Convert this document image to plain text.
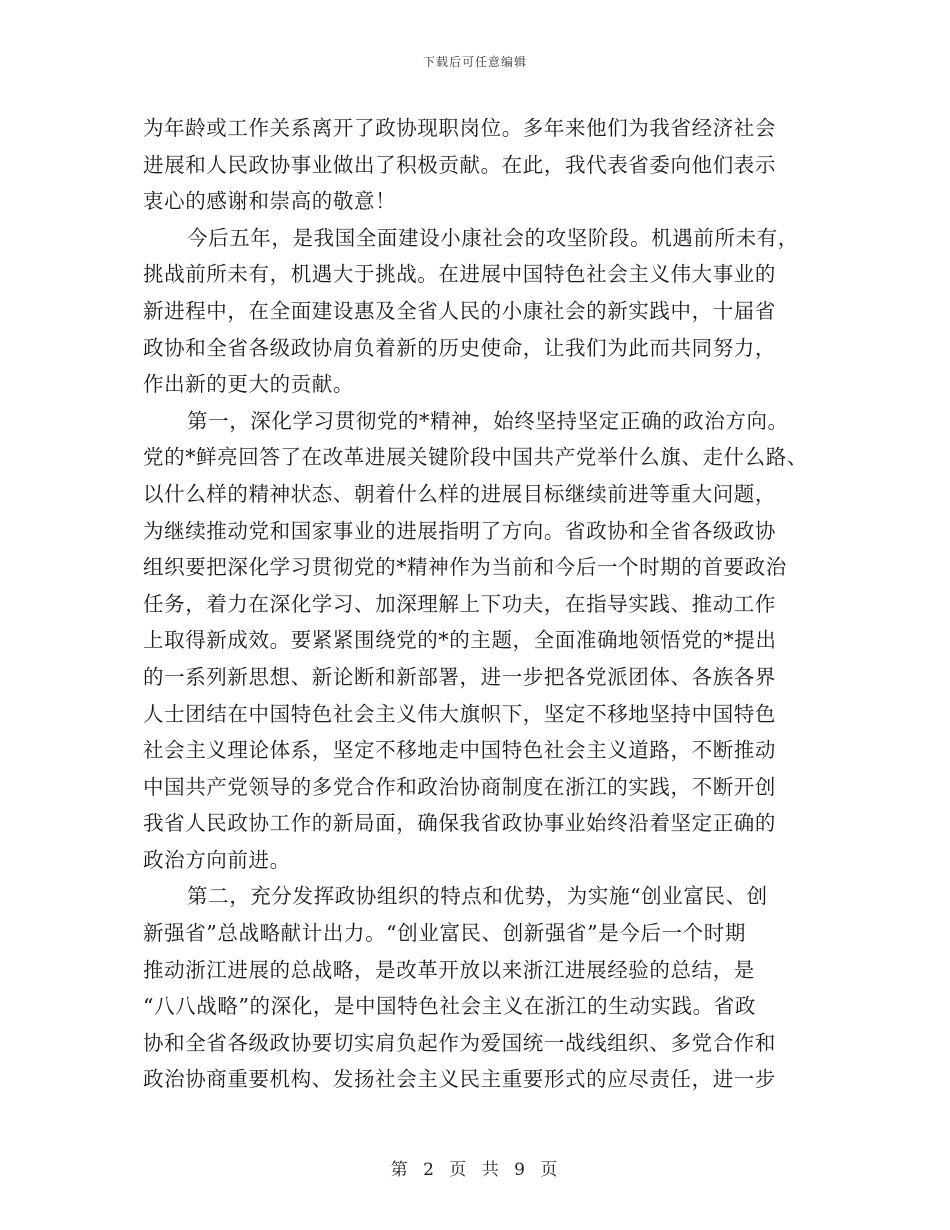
下载后可任意编辑
为年龄或工作关系离开了政协现职岗位。多年来他们为我省经济社会
进展和人民政协事业做出了积极贡献。在此，我代表省委向他们表示
衷心的感谢和崇高的敬意！
今后五年，是我国全面建设小康社会的攻坚阶段。机遇前所未有，
挑战前所未有，机遇大于挑战。在进展中国特色社会主义伟大事业的
新进程中，在全面建设惠及全省人民的小康社会的新实践中，十届省
政协和全省各级政协肩负着新的历史使命，让我们为此而共同努力，
作出新的更大的贡献。
第一，深化学习贯彻党的*精神，始终坚持坚定正确的政治方向。
党的*鲜亮回答了在改革进展关键阶段中国共产党举什么旗、走什么路、
以什么样的精神状态、朝着什么样的进展目标继续前进等重大问题，
为继续推动党和国家事业的进展指明了方向。省政协和全省各级政协
组织要把深化学习贯彻党的*精神作为当前和今后一个时期的首要政治
任务，着力在深化学习、加深理解上下功夫，在指导实践、推动工作
上取得新成效。要紧紧围绕党的*的主题，全面准确地领悟党的*提出
的一系列新思想、新论断和新部署，进一步把各党派团体、各族各界
人士团结在中国特色社会主义伟大旗帜下，坚定不移地坚持中国特色
社会主义理论体系，坚定不移地走中国特色社会主义道路，不断推动
中国共产党领导的多党合作和政治协商制度在浙江的实践，不断开创
我省人民政协工作的新局面，确保我省政协事业始终沿着坚定正确的
政治方向前进。
第二，充分发挥政协组织的特点和优势，为实施“创业富民、创
新强省”总战略献计出力。“创业富民、创新强省”是今后一个时期
推动浙江进展的总战略，是改革开放以来浙江进展经验的总结，是
“八八战略”的深化，是中国特色社会主义在浙江的生动实践。省政
协和全省各级政协要切实肩负起作为爱国统一战线组织、多党合作和
政治协商重要机构、发扬社会主义民主重要形式的应尽责任，进一步
第 2 页 共 9 页
